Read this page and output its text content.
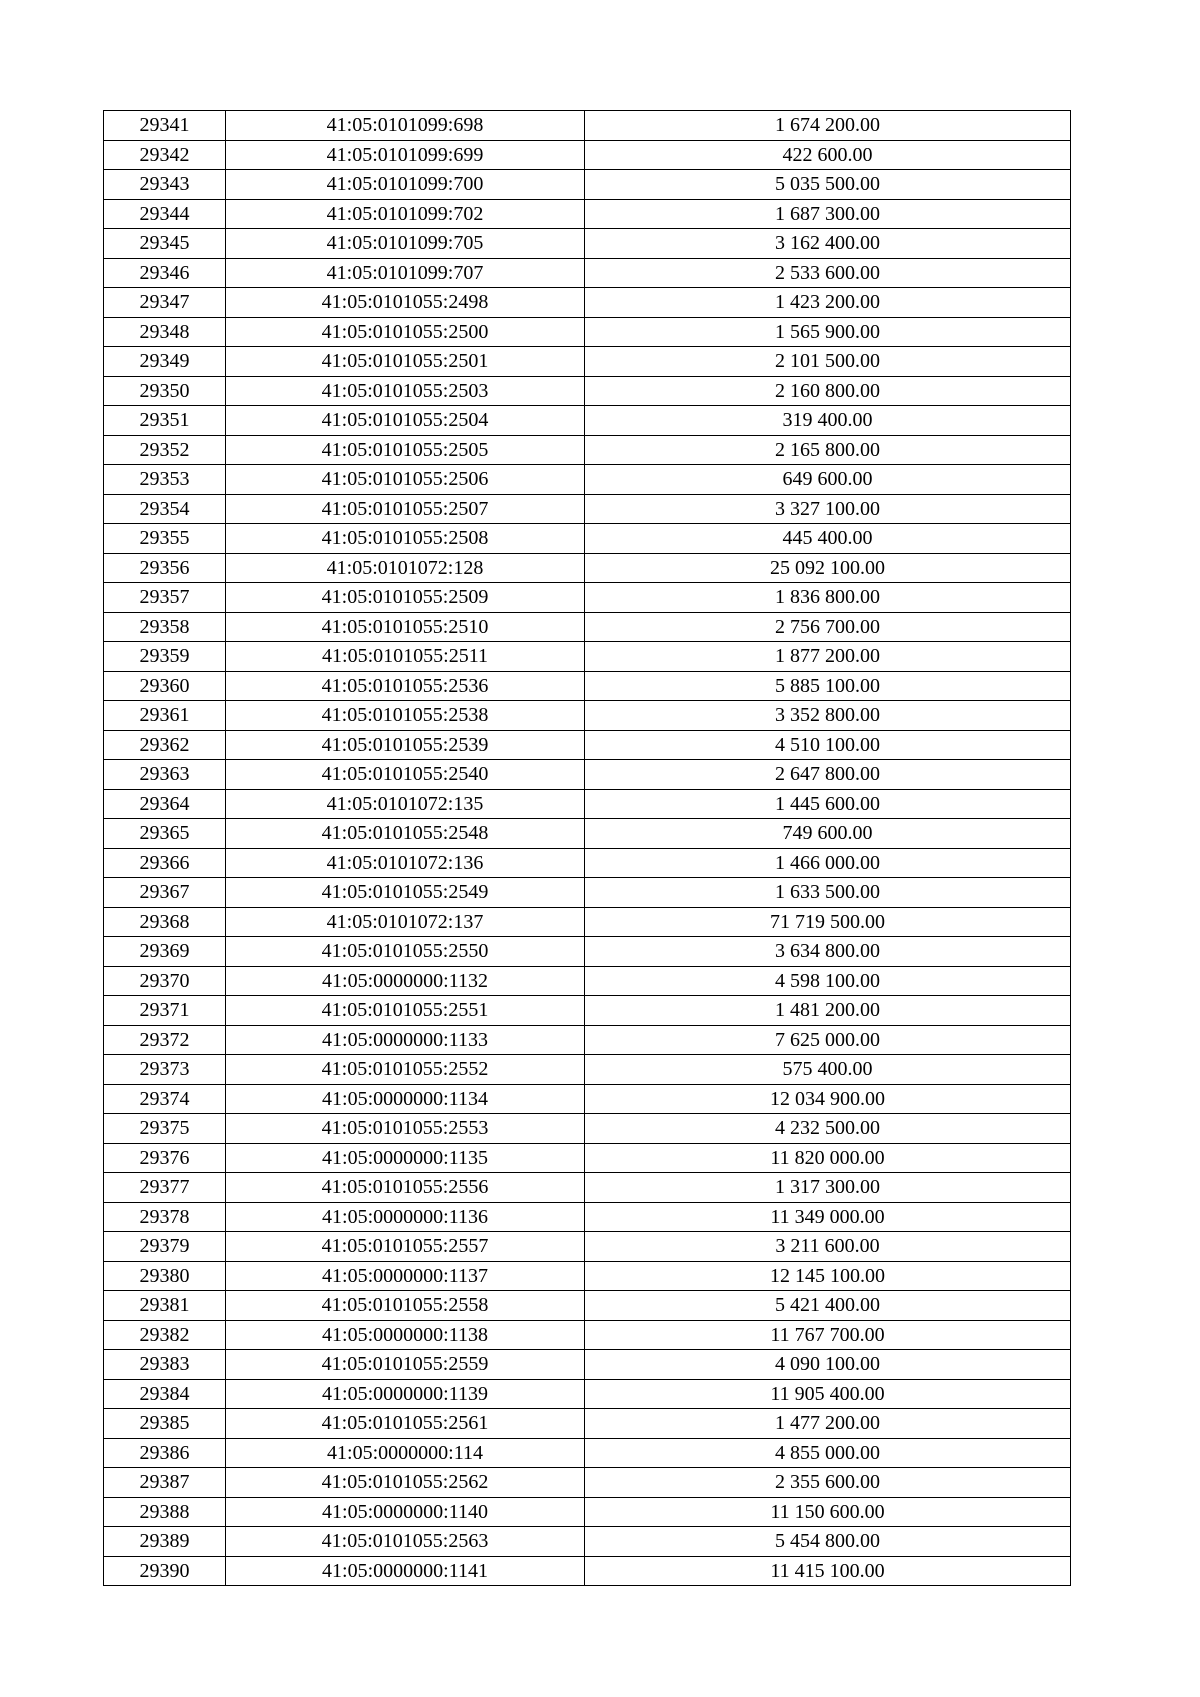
29341	41:05:0101099:698	1 674 200.00
29342	41:05:0101099:699	422 600.00
29343	41:05:0101099:700	5 035 500.00
29344	41:05:0101099:702	1 687 300.00
29345	41:05:0101099:705	3 162 400.00
29346	41:05:0101099:707	2 533 600.00
29347	41:05:0101055:2498	1 423 200.00
29348	41:05:0101055:2500	1 565 900.00
29349	41:05:0101055:2501	2 101 500.00
29350	41:05:0101055:2503	2 160 800.00
29351	41:05:0101055:2504	319 400.00
29352	41:05:0101055:2505	2 165 800.00
29353	41:05:0101055:2506	649 600.00
29354	41:05:0101055:2507	3 327 100.00
29355	41:05:0101055:2508	445 400.00
29356	41:05:0101072:128	25 092 100.00
29357	41:05:0101055:2509	1 836 800.00
29358	41:05:0101055:2510	2 756 700.00
29359	41:05:0101055:2511	1 877 200.00
29360	41:05:0101055:2536	5 885 100.00
29361	41:05:0101055:2538	3 352 800.00
29362	41:05:0101055:2539	4 510 100.00
29363	41:05:0101055:2540	2 647 800.00
29364	41:05:0101072:135	1 445 600.00
29365	41:05:0101055:2548	749 600.00
29366	41:05:0101072:136	1 466 000.00
29367	41:05:0101055:2549	1 633 500.00
29368	41:05:0101072:137	71 719 500.00
29369	41:05:0101055:2550	3 634 800.00
29370	41:05:0000000:1132	4 598 100.00
29371	41:05:0101055:2551	1 481 200.00
29372	41:05:0000000:1133	7 625 000.00
29373	41:05:0101055:2552	575 400.00
29374	41:05:0000000:1134	12 034 900.00
29375	41:05:0101055:2553	4 232 500.00
29376	41:05:0000000:1135	11 820 000.00
29377	41:05:0101055:2556	1 317 300.00
29378	41:05:0000000:1136	11 349 000.00
29379	41:05:0101055:2557	3 211 600.00
29380	41:05:0000000:1137	12 145 100.00
29381	41:05:0101055:2558	5 421 400.00
29382	41:05:0000000:1138	11 767 700.00
29383	41:05:0101055:2559	4 090 100.00
29384	41:05:0000000:1139	11 905 400.00
29385	41:05:0101055:2561	1 477 200.00
29386	41:05:0000000:114	4 855 000.00
29387	41:05:0101055:2562	2 355 600.00
29388	41:05:0000000:1140	11 150 600.00
29389	41:05:0101055:2563	5 454 800.00
29390	41:05:0000000:1141	11 415 100.00
